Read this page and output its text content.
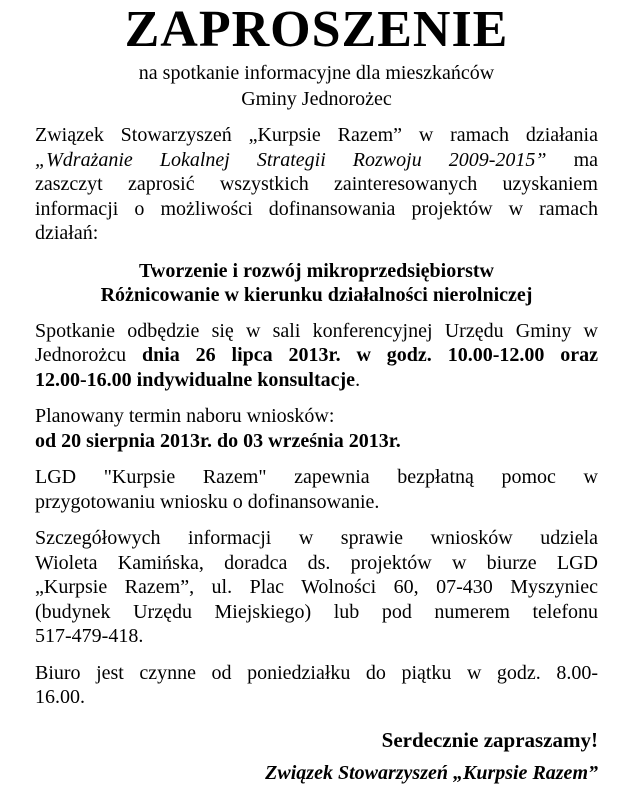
ZAPROSZENIE

na spotkanie informacyjne dla mieszkańców
Gminy Jednorożec

Związek Stowarzyszeń „Kurpsie Razem” w ramach działania
„Wdrażanie Lokalnej Strategii Rozwoju 2009-2015” ma
zaszczyt zaprosić wszystkich zainteresowanych uzyskaniem
informacji o możliwości dofinansowania projektów w ramach
działań:

Tworzenie i rozwój mikroprzedsiębiorstw
Różnicowanie w kierunku działalności nierolniczej

Spotkanie odbędzie się w sali konferencyjnej Urzędu Gminy w
Jednorożcu dnia 26 lipca 2013r. w godz. 10.00-12.00 oraz
12.00-16.00 indywidualne konsultacje.

Planowany termin naboru wniosków:
od 20 sierpnia 2013r. do 03 września 2013r.

LGD "Kurpsie Razem" zapewnia bezpłatną pomoc w
przygotowaniu wniosku o dofinansowanie.

Szczegółowych informacji w sprawie wniosków udziela
Wioleta Kamińska, doradca ds. projektów w biurze LGD
„Kurpsie Razem”, ul. Plac Wolności 60, 07-430 Myszyniec
(budynek Urzędu Miejskiego) lub pod numerem telefonu
517-479-418.

Biuro jest czynne od poniedziałku do piątku w godz. 8.00-
16.00.

Serdecznie zapraszamy!
Związek Stowarzyszeń „Kurpsie Razem”
